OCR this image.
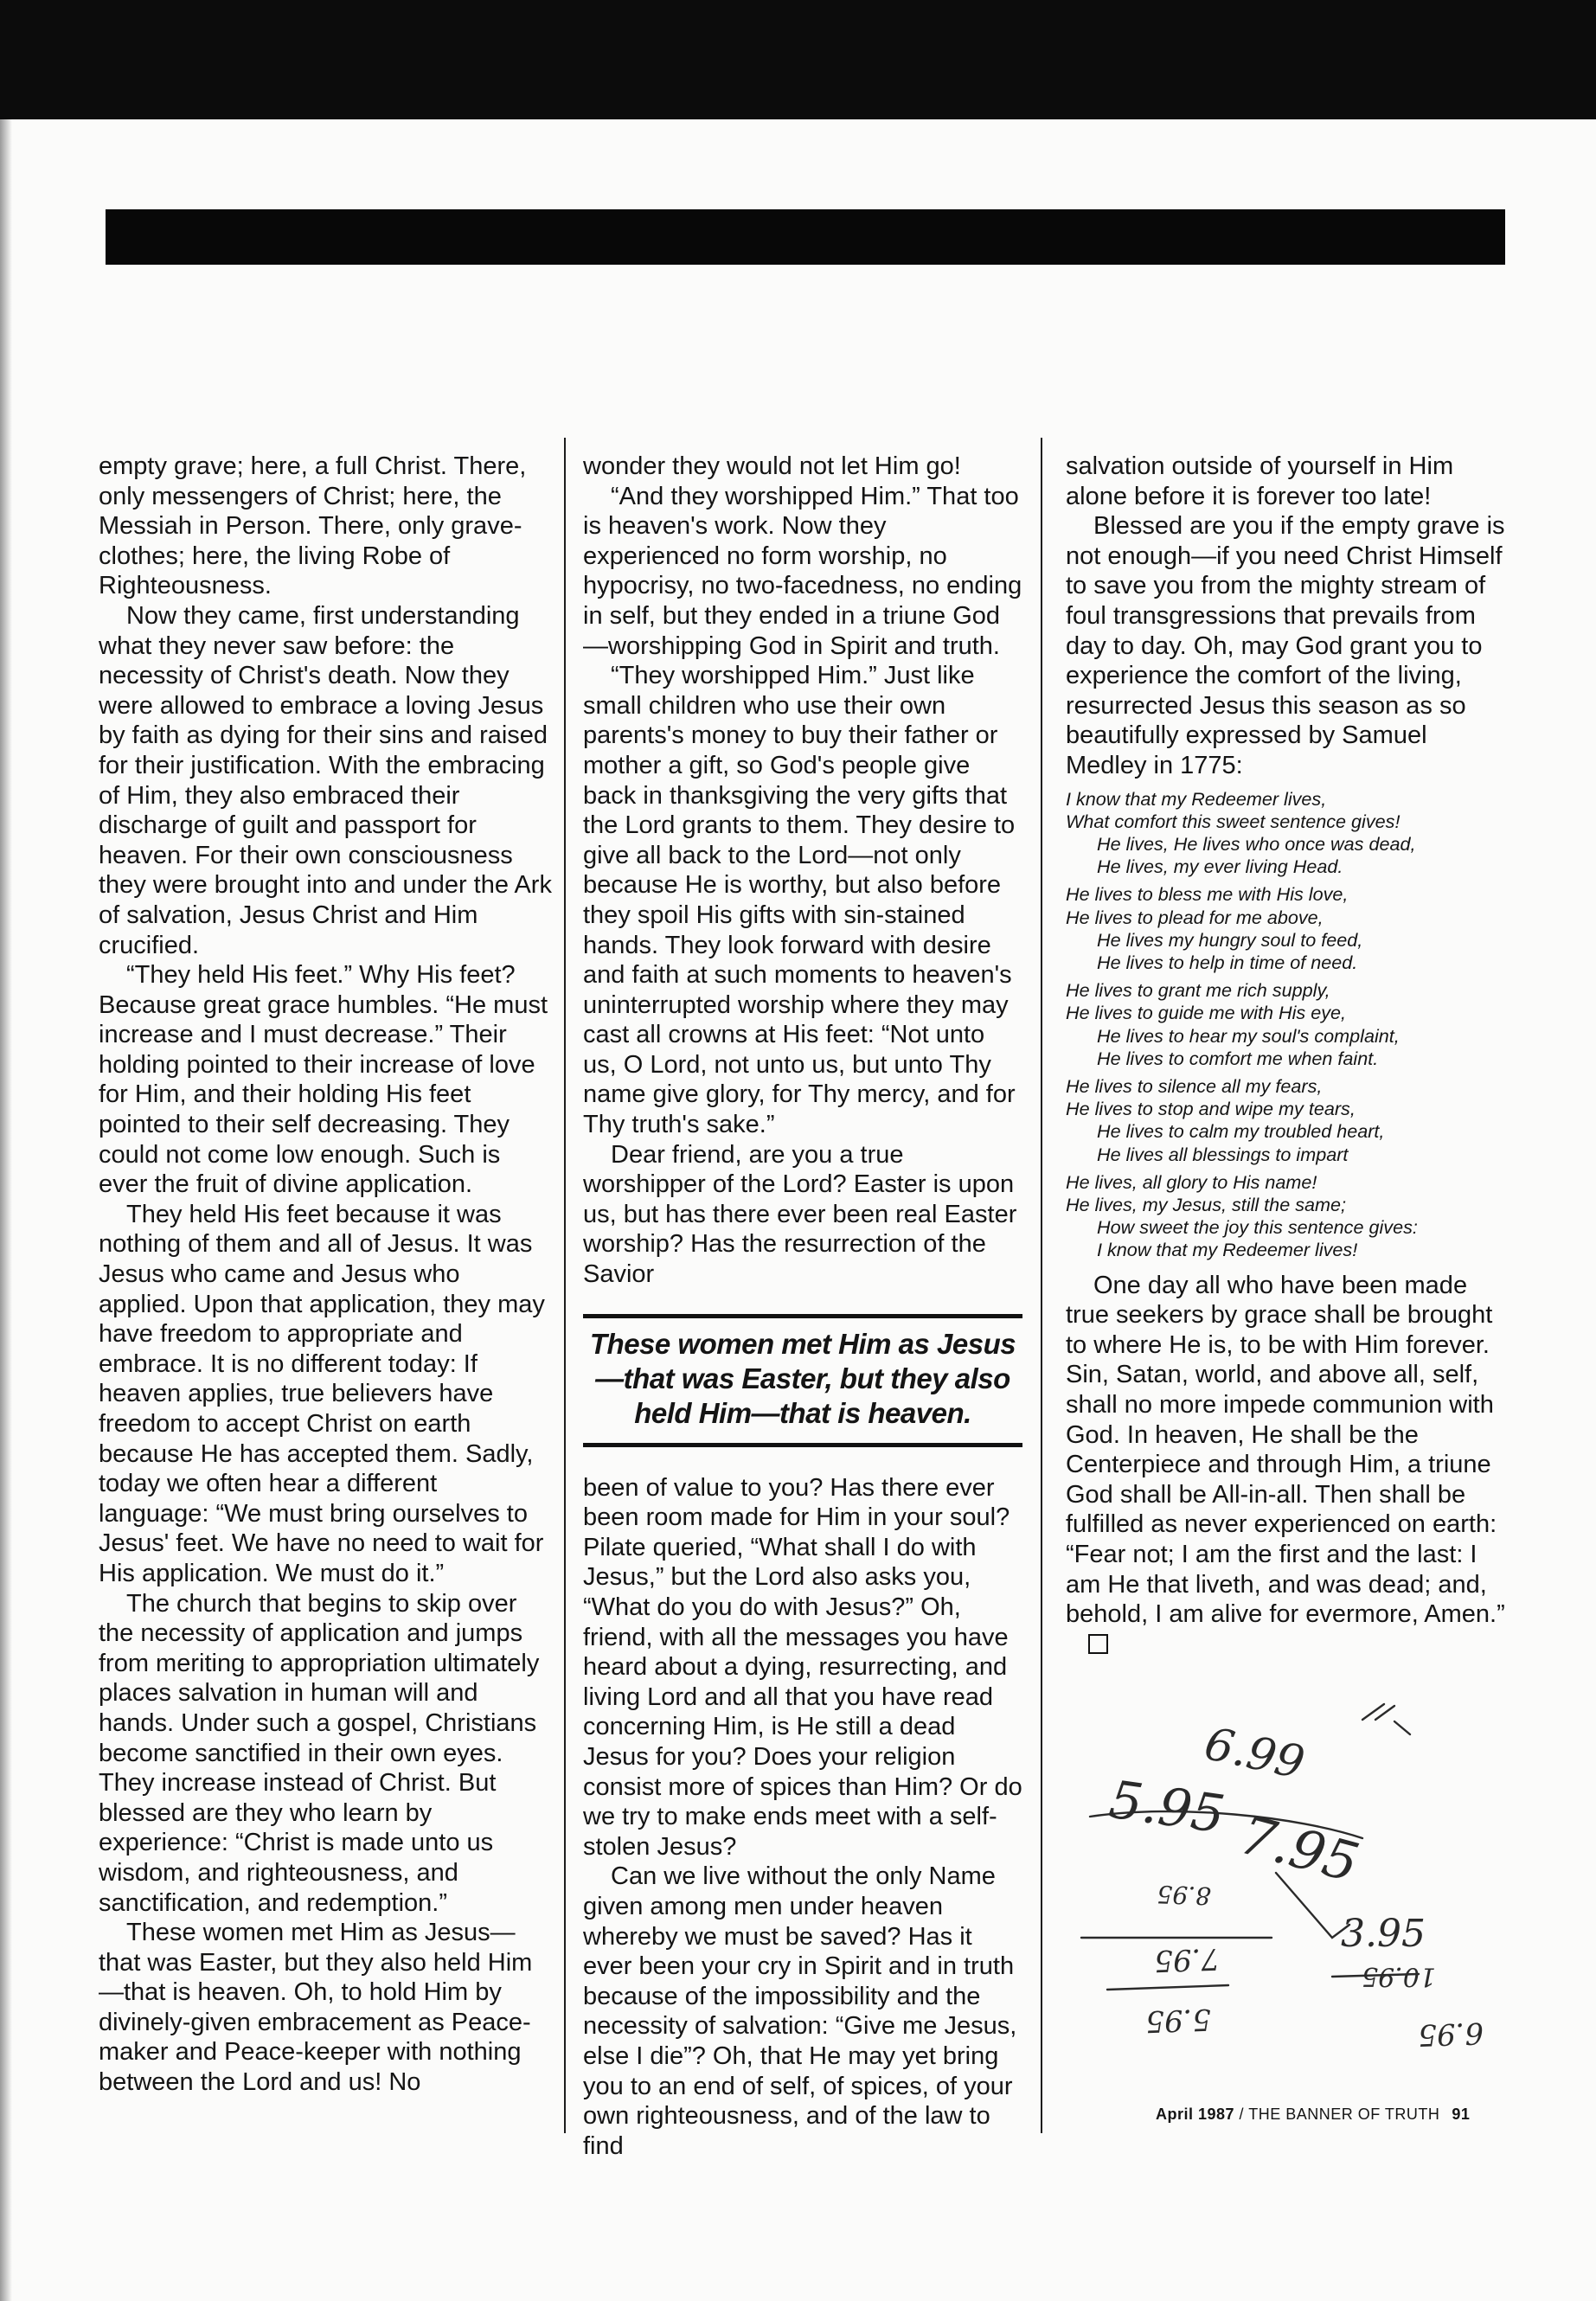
empty grave; here, a full Christ. There, only messengers of Christ; here, the Messiah in Person. There, only grave-clothes; here, the living Robe of Righteousness.

Now they came, first understanding what they never saw before: the necessity of Christ's death. Now they were allowed to embrace a loving Jesus by faith as dying for their sins and raised for their justification. With the embracing of Him, they also embraced their discharge of guilt and passport for heaven. For their own consciousness they were brought into and under the Ark of salvation, Jesus Christ and Him crucified.

“They held His feet.” Why His feet? Because great grace humbles. “He must increase and I must decrease.” Their holding pointed to their increase of love for Him, and their holding His feet pointed to their self decreasing. They could not come low enough. Such is ever the fruit of divine application.

They held His feet because it was nothing of them and all of Jesus. It was Jesus who came and Jesus who applied. Upon that application, they may have freedom to appropriate and embrace. It is no different today: If heaven applies, true believers have freedom to accept Christ on earth because He has accepted them. Sadly, today we often hear a different language: “We must bring ourselves to Jesus' feet. We have no need to wait for His application. We must do it.”

The church that begins to skip over the necessity of application and jumps from meriting to appropriation ultimately places salvation in human will and hands. Under such a gospel, Christians become sanctified in their own eyes. They increase instead of Christ. But blessed are they who learn by experience: “Christ is made unto us wisdom, and righteousness, and sanctification, and redemption.”

These women met Him as Jesus—that was Easter, but they also held Him—that is heaven. Oh, to hold Him by divinely-given embracement as Peace-maker and Peace-keeper with nothing between the Lord and us! No

wonder they would not let Him go!

“And they worshipped Him.” That too is heaven's work. Now they experienced no form worship, no hypocrisy, no two-facedness, no ending in self, but they ended in a triune God—worshipping God in Spirit and truth.

“They worshipped Him.” Just like small children who use their own parents's money to buy their father or mother a gift, so God's people give back in thanksgiving the very gifts that the Lord grants to them. They desire to give all back to the Lord—not only because He is worthy, but also before they spoil His gifts with sin-stained hands. They look forward with desire and faith at such moments to heaven's uninterrupted worship where they may cast all crowns at His feet: “Not unto us, O Lord, not unto us, but unto Thy name give glory, for Thy mercy, and for Thy truth's sake.”

Dear friend, are you a true worshipper of the Lord? Easter is upon us, but has there ever been real Easter worship? Has the resurrection of the Savior

These women met Him as Jesus—that was Easter, but they also held Him—that is heaven.

been of value to you? Has there ever been room made for Him in your soul? Pilate queried, “What shall I do with Jesus,” but the Lord also asks you, “What do you do with Jesus?” Oh, friend, with all the messages you have heard about a dying, resurrecting, and living Lord and all that you have read concerning Him, is He still a dead Jesus for you? Does your religion consist more of spices than Him? Or do we try to make ends meet with a self-stolen Jesus?

Can we live without the only Name given among men under heaven whereby we must be saved? Has it ever been your cry in Spirit and in truth because of the impossibility and the necessity of salvation: “Give me Jesus, else I die”? Oh, that He may yet bring you to an end of self, of spices, of your own righteousness, and of the law to find

salvation outside of yourself in Him alone before it is forever too late!

Blessed are you if the empty grave is not enough—if you need Christ Himself to save you from the mighty stream of foul transgressions that prevails from day to day. Oh, may God grant you to experience the comfort of the living, resurrected Jesus this season as so beautifully expressed by Samuel Medley in 1775:

I know that my Redeemer lives,
What comfort this sweet sentence gives!
He lives, He lives who once was dead,
He lives, my ever living Head.
He lives to bless me with His love,
He lives to plead for me above,
He lives my hungry soul to feed,
He lives to help in time of need.
He lives to grant me rich supply,
He lives to guide me with His eye,
He lives to hear my soul's complaint,
He lives to comfort me when faint.
He lives to silence all my fears,
He lives to stop and wipe my tears,
He lives to calm my troubled heart,
He lives all blessings to impart
He lives, all glory to His name!
He lives, my Jesus, still the same;
How sweet the joy this sentence gives:
I know that my Redeemer lives!

One day all who have been made true seekers by grace shall be brought to where He is, to be with Him forever. Sin, Satan, world, and above all, self, shall no more impede communion with God. In heaven, He shall be the Centerpiece and through Him, a triune God shall be All-in-all. Then shall be fulfilled as never experienced on earth: “Fear not; I am the first and the last: I am He that liveth, and was dead; and, behold, I am alive for evermore, Amen.”

6.99
5.95 7.95
8.95
3.95
7.95	10.95
5.95	6.95
April 1987 / THE BANNER OF TRUTH 91
